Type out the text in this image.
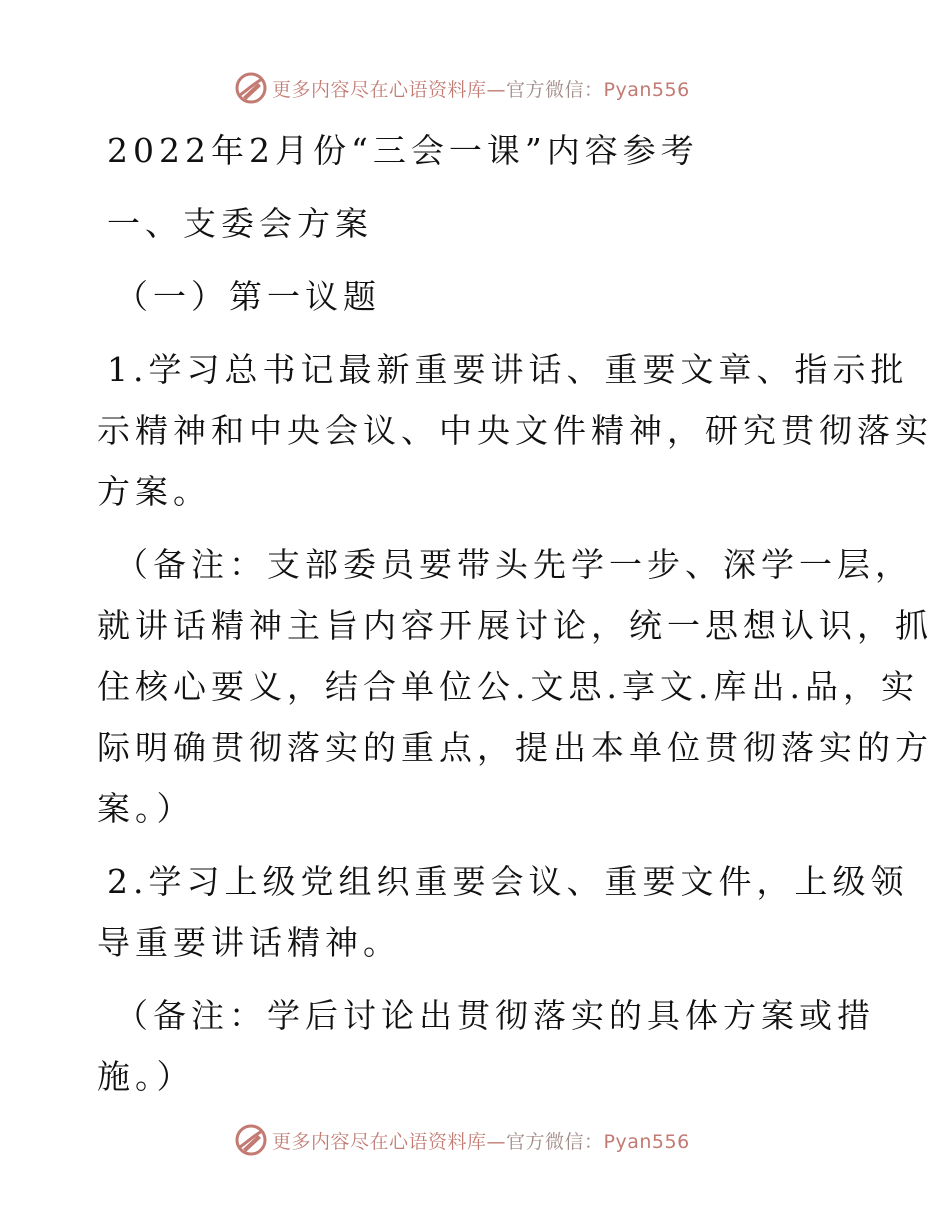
更多内容尽在心语资料库—官方微信：Pyan556
2022年2月份“三会一课”内容参考
一、支委会方案
（一）第一议题
1.学习总书记最新重要讲话、重要文章、指示批
示精神和中央会议、中央文件精神，研究贯彻落实
方案。
（备注：支部委员要带头先学一步、深学一层，
就讲话精神主旨内容开展讨论，统一思想认识，抓
住核心要义，结合单位公.文思.享文.库出.品，实
际明确贯彻落实的重点，提出本单位贯彻落实的方
案。）
2.学习上级党组织重要会议、重要文件，上级领
导重要讲话精神。
（备注：学后讨论出贯彻落实的具体方案或措
施。）
更多内容尽在心语资料库—官方微信：Pyan556
